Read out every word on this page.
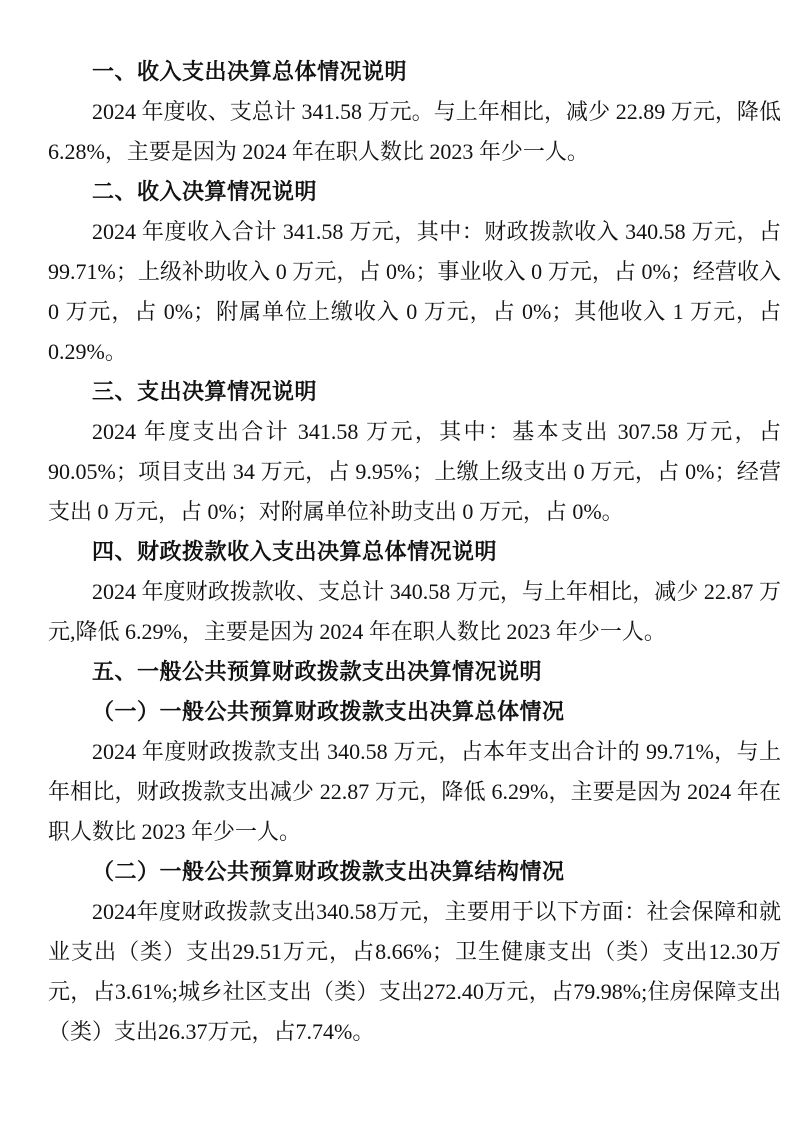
一、收入支出决算总体情况说明

2024 年度收、支总计 341.58 万元。与上年相比，减少 22.89 万元，降低 6.28%，主要是因为 2024 年在职人数比 2023 年少一人。

二、收入决算情况说明

2024 年度收入合计 341.58 万元，其中：财政拨款收入 340.58 万元，占 99.71%；上级补助收入 0 万元，占 0%；事业收入 0 万元，占 0%；经营收入 0 万元，占 0%；附属单位上缴收入 0 万元，占 0%；其他收入 1 万元，占 0.29%。

三、支出决算情况说明

2024 年度支出合计 341.58 万元，其中：基本支出 307.58 万元，占 90.05%；项目支出 34 万元，占 9.95%；上缴上级支出 0 万元，占 0%；经营支出 0 万元，占 0%；对附属单位补助支出 0 万元，占 0%。

四、财政拨款收入支出决算总体情况说明

2024 年度财政拨款收、支总计 340.58 万元，与上年相比，减少 22.87 万元,降低 6.29%，主要是因为 2024 年在职人数比 2023 年少一人。

五、一般公共预算财政拨款支出决算情况说明
（一）一般公共预算财政拨款支出决算总体情况

2024 年度财政拨款支出 340.58 万元，占本年支出合计的 99.71%，与上年相比，财政拨款支出减少 22.87 万元，降低 6.29%，主要是因为 2024 年在职人数比 2023 年少一人。

（二）一般公共预算财政拨款支出决算结构情况

2024年度财政拨款支出340.58万元，主要用于以下方面：社会保障和就业支出（类）支出29.51万元，占8.66%；卫生健康支出（类）支出12.30万元，占3.61%;城乡社区支出（类）支出272.40万元，占79.98%;住房保障支出（类）支出26.37万元，占7.74%。
